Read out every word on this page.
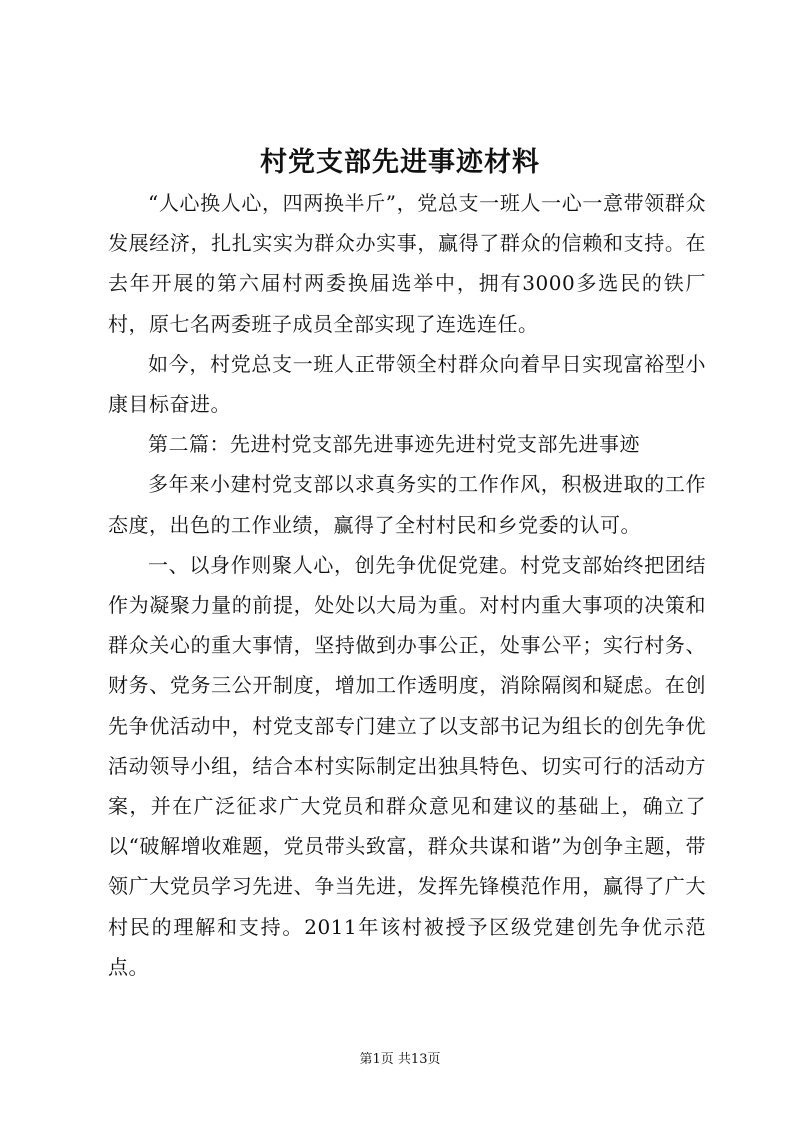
村党支部先进事迹材料

“人心换人心，四两换半斤”，党总支一班人一心一意带领群众发展经济，扎扎实实为群众办实事，赢得了群众的信赖和支持。在去年开展的第六届村两委换届选举中，拥有3000多选民的铁厂村，原七名两委班子成员全部实现了连选连任。

如今，村党总支一班人正带领全村群众向着早日实现富裕型小康目标奋进。

第二篇：先进村党支部先进事迹先进村党支部先进事迹

多年来小建村党支部以求真务实的工作作风，积极进取的工作态度，出色的工作业绩，赢得了全村村民和乡党委的认可。

一、以身作则聚人心，创先争优促党建。村党支部始终把团结作为凝聚力量的前提，处处以大局为重。对村内重大事项的决策和群众关心的重大事情，坚持做到办事公正，处事公平；实行村务、财务、党务三公开制度，增加工作透明度，消除隔阂和疑虑。在创先争优活动中，村党支部专门建立了以支部书记为组长的创先争优活动领导小组，结合本村实际制定出独具特色、切实可行的活动方案，并在广泛征求广大党员和群众意见和建议的基础上，确立了以“破解增收难题，党员带头致富，群众共谋和谐”为创争主题，带领广大党员学习先进、争当先进，发挥先锋模范作用，赢得了广大村民的理解和支持。2011年该村被授予区级党建创先争优示范点。

第1页 共13页
